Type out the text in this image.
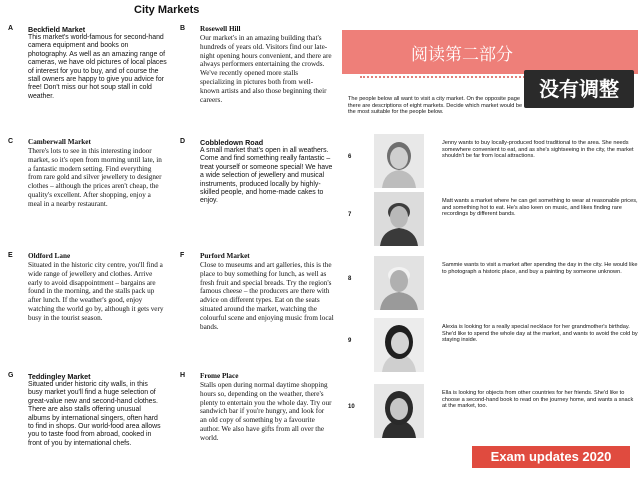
City Markets
A Beckfield Market
This market's world-famous for second-hand camera equipment and books on photography. As well as an amazing range of cameras, we have old pictures of local places of interest for you to buy, and of course the stall owners are happy to give you advice for free! Don't miss our hot soup stall in cold weather.
B Rosewell Hill
Our market's in an amazing building that's hundreds of years old. Visitors find our late-night opening hours convenient, and there are always performers entertaining the crowds. We've recently opened more stalls specializing in pictures both from well-known artists and also those beginning their careers.
C Camberwall Market
There's lots to see in this interesting indoor market, so it's open from morning until late, in a fantastic modern setting. Find everything from rare gold and silver jewellery to designer clothes – although the prices aren't cheap, the quality's excellent. After shopping, enjoy a meal in a nearby restaurant.
D Cobbledown Road
A small market that's open in all weathers. Come and find something really fantastic – treat yourself or someone special! We have a wide selection of jewellery and musical instruments, produced locally by highly-skilled people, and home-made cakes to enjoy.
E Oldford Lane
Situated in the historic city centre, you'll find a wide range of jewellery and clothes. Arrive early to avoid disappointment – bargains are found in the morning, and the stalls pack up after lunch. If the weather's good, enjoy watching the world go by, although it gets very busy in the tourist season.
F Purford Market
Close to museums and art galleries, this is the place to buy something for lunch, as well as fresh fruit and special breads. Try the region's famous cheese – the producers are there with advice on different types. Eat on the seats situated around the market, watching the colourful scene and enjoying music from local bands.
G Teddingley Market
Situated under historic city walls, in this busy market you'll find a huge selection of great-value new and second-hand clothes. There are also stalls offering unusual albums by international singers, often hard to find in shops. Our world-food area allows you to taste food from abroad, cooked in front of you by international chefs.
H Frome Place
Stalls open during normal daytime shopping hours so, depending on the weather, there's plenty to entertain you the whole day. Try our sandwich bar if you're hungry, and look for an old copy of something by a favourite author. We also have gifts from all over the world.
阅读第二部分
没有调整
The people below all want to visit a city market. On the opposite page there are descriptions of eight markets. Decide which market would be the most suitable for the people below.
6
Jenny wants to buy locally-produced food traditional to the area. She needs somewhere convenient to eat, and as she's sightseeing in the city, the market shouldn't be far from local attractions.
7
Matt wants a market where he can get something to wear at reasonable prices, and something hot to eat. He's also keen on music, and likes finding rare recordings by different bands.
8
Sammie wants to visit a market after spending the day in the city. He would like to photograph a historic place, and buy a painting by someone unknown.
9
Alexia is looking for a really special necklace for her grandmother's birthday. She'd like to spend the whole day at the market, and wants to avoid the cold by staying inside.
10
Ella is looking for objects from other countries for her friends. She'd like to choose a second-hand book to read on the journey home, and wants a snack at the market, too.
Exam updates 2020
